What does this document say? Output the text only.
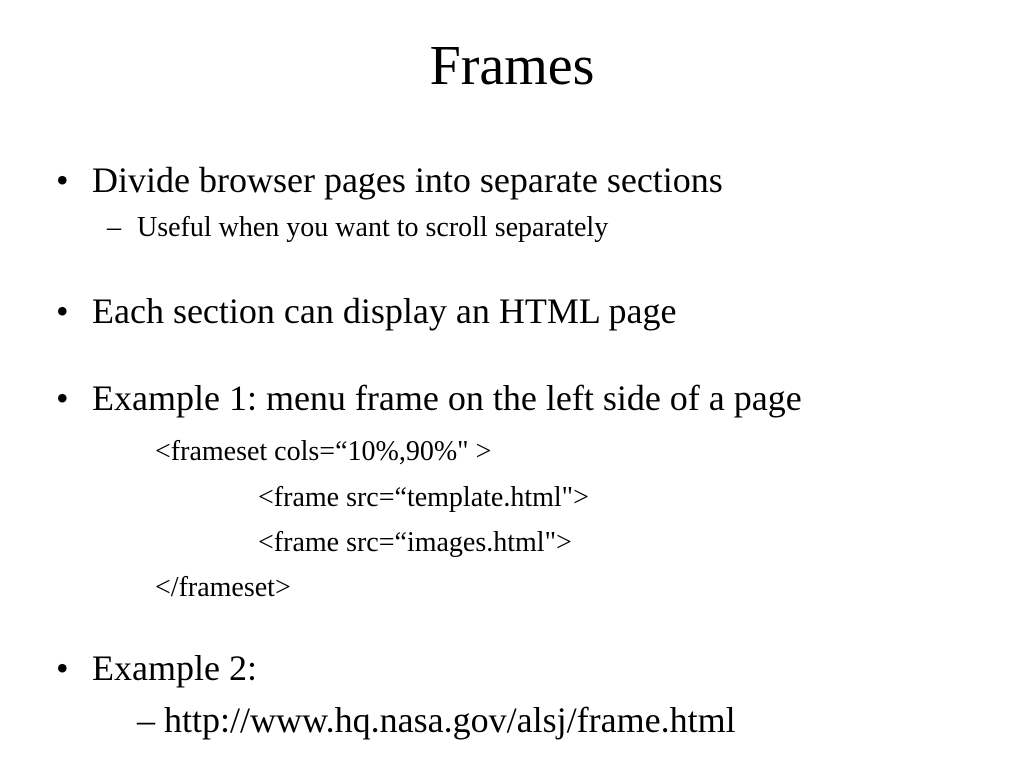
Frames
• Divide browser pages into separate sections
– Useful when you want to scroll separately
• Each section can display an HTML page
• Example 1: menu frame on the left side of a page
<frameset cols=“10%,90%" >
<frame src=“template.html">
<frame src=“images.html">
</frameset>
• Example 2:
– http://www.hq.nasa.gov/alsj/frame.html
